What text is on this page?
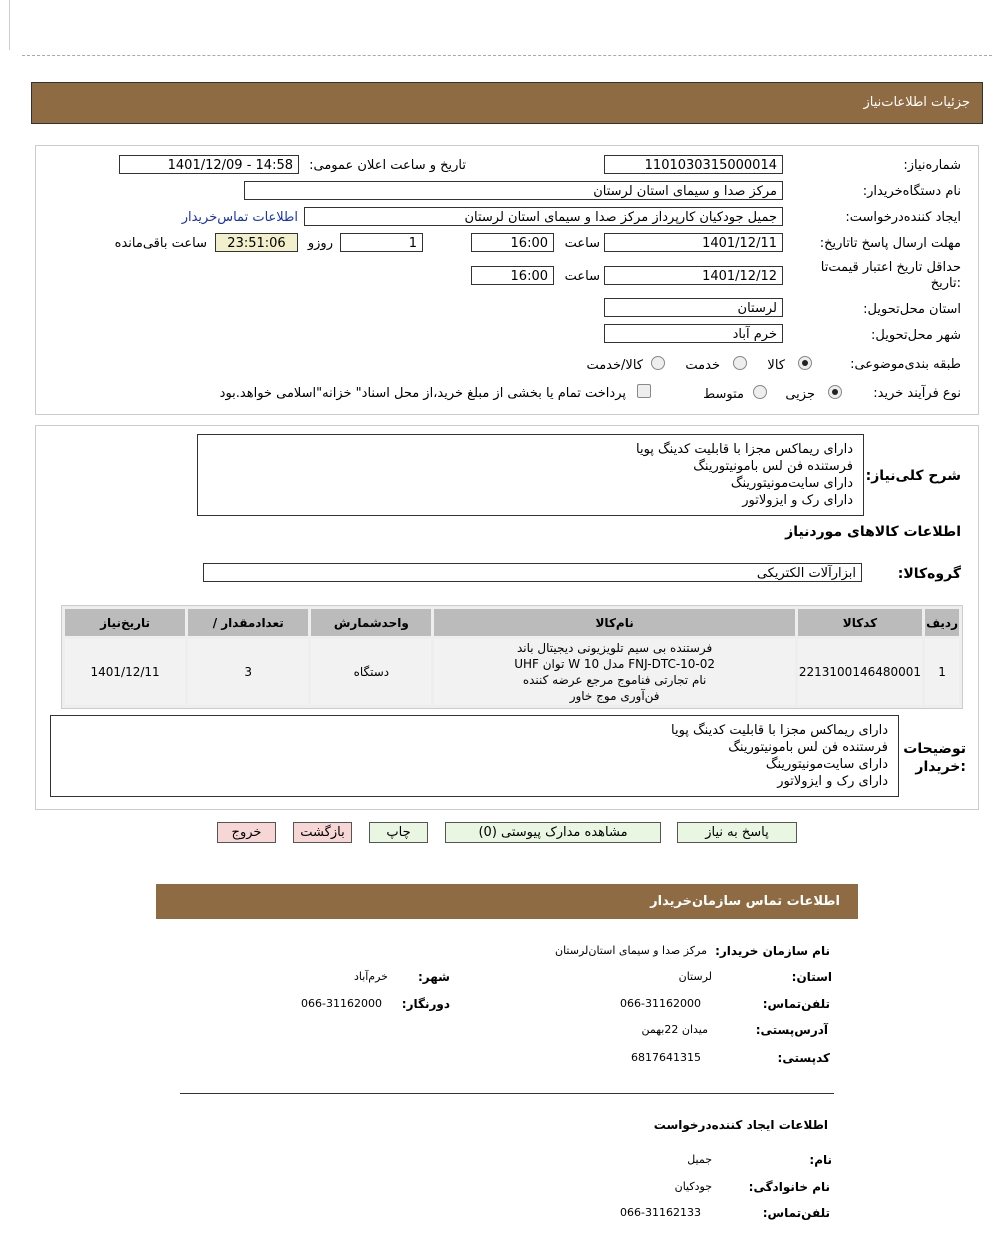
جزئیات اطلاعات‌نیاز
شماره‌نیاز:
1101030315000014
تاریخ و ساعت اعلان عمومی:
1401/12/09 - 14:58
نام دستگاه‌خریدار:
مرکز صدا و سیمای استان لرستان
ایجاد کننده‌درخواست:
جمیل جودکیان کارپرداز مرکز صدا و سیمای استان لرستان
اطلاعات تماس‌خریدار
مهلت ارسال پاسخ تا‌تاریخ:
1401/12/11
ساعت
16:00
1
روزو
23:51:06
ساعت باقی‌مانده
حداقل تاریخ اعتبار قیمت‌تا
:تاریخ
1401/12/12
ساعت
16:00
استان محل‌تحویل:
لرستان
شهر محل‌تحویل:
خرم آباد
طبقه بندی‌موضوعی:
کالا
خدمت
کالا/خدمت
نوع فرآیند خرید:
جزیی
متوسط
پرداخت تمام یا بخشی از مبلغ خرید،از محل اسناد" خزانه"اسلامی خواهد.بود
شرح کلی‌نیاز:
دارای ریماکس مجزا با قابلیت کدینگ پویا
فرستنده فن لس بامونیتورینگ
دارای سایت‌مونیتورینگ
دارای رک و ایزولاتور
اطلاعات کالاهای موردنیاز
گروه‌کالا:
ابزارآلات الکتریکی
ردیف	کدکالا	نام‌کالا	واحدشمارش	تعداد‌مقدار /	تاریخ‌نیاز
1	2213100146480001	فرستنده بی سیم تلویزیونی دیجیتال باند
UHF توان W 10 مدل FNJ-DTC-10-02
نام تجارتی فناموج مرجع عرضه کننده
فن‌آوری موج خاور	دستگاه	3	1401/12/11
توضیحات
:خریدار
دارای ریماکس مجزا با قابلیت کدینگ پویا
فرستنده فن لس بامونیتورینگ
دارای سایت‌مونیتورینگ
دارای رک و ایزولاتور
پاسخ به نیاز
مشاهده مدارک پیوستی (0)
چاپ
بازگشت
خروج
اطلاعات تماس سازمان‌خریدار
نام سازمان‌ خریدار:
مرکز صدا و سیمای استان‌لرستان
استان:
لرستان
شهر:
خرم‌آباد
تلفن‌تماس:
066-31162000
دورنگار:
066-31162000
آدرس‌پستی:
میدان 22بهمن
کد‌پستی:
6817641315
اطلاعات ایجاد کننده‌درخواست
نام:
جمیل
نام خانوادگی:
جودکیان
تلفن‌تماس:
066-31162133
